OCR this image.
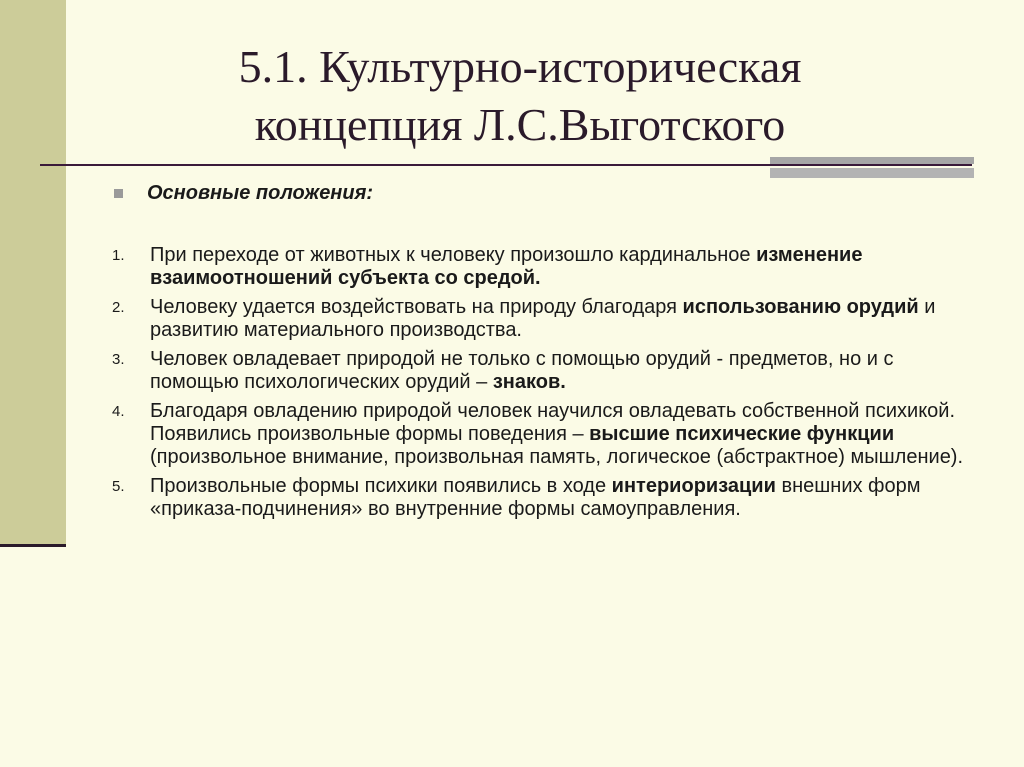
5.1. Культурно-историческая
концепция Л.С.Выготского
Основные положения:
1.	При переходе от животных к человеку произошло кардинальное изменение взаимоотношений субъекта со средой.
2.	Человеку удается воздействовать на природу благодаря использованию орудий и развитию материального производства.
3.	Человек овладевает природой не только с помощью орудий - предметов, но и с помощью психологических орудий – знаков.
4.	Благодаря овладению природой человек научился овладевать собственной психикой. Появились произвольные формы поведения – высшие психические функции (произвольное внимание, произвольная память, логическое (абстрактное) мышление).
5.	Произвольные формы психики появились в ходе интериоризации внешних форм «приказа-подчинения» во внутренние формы самоуправления.
